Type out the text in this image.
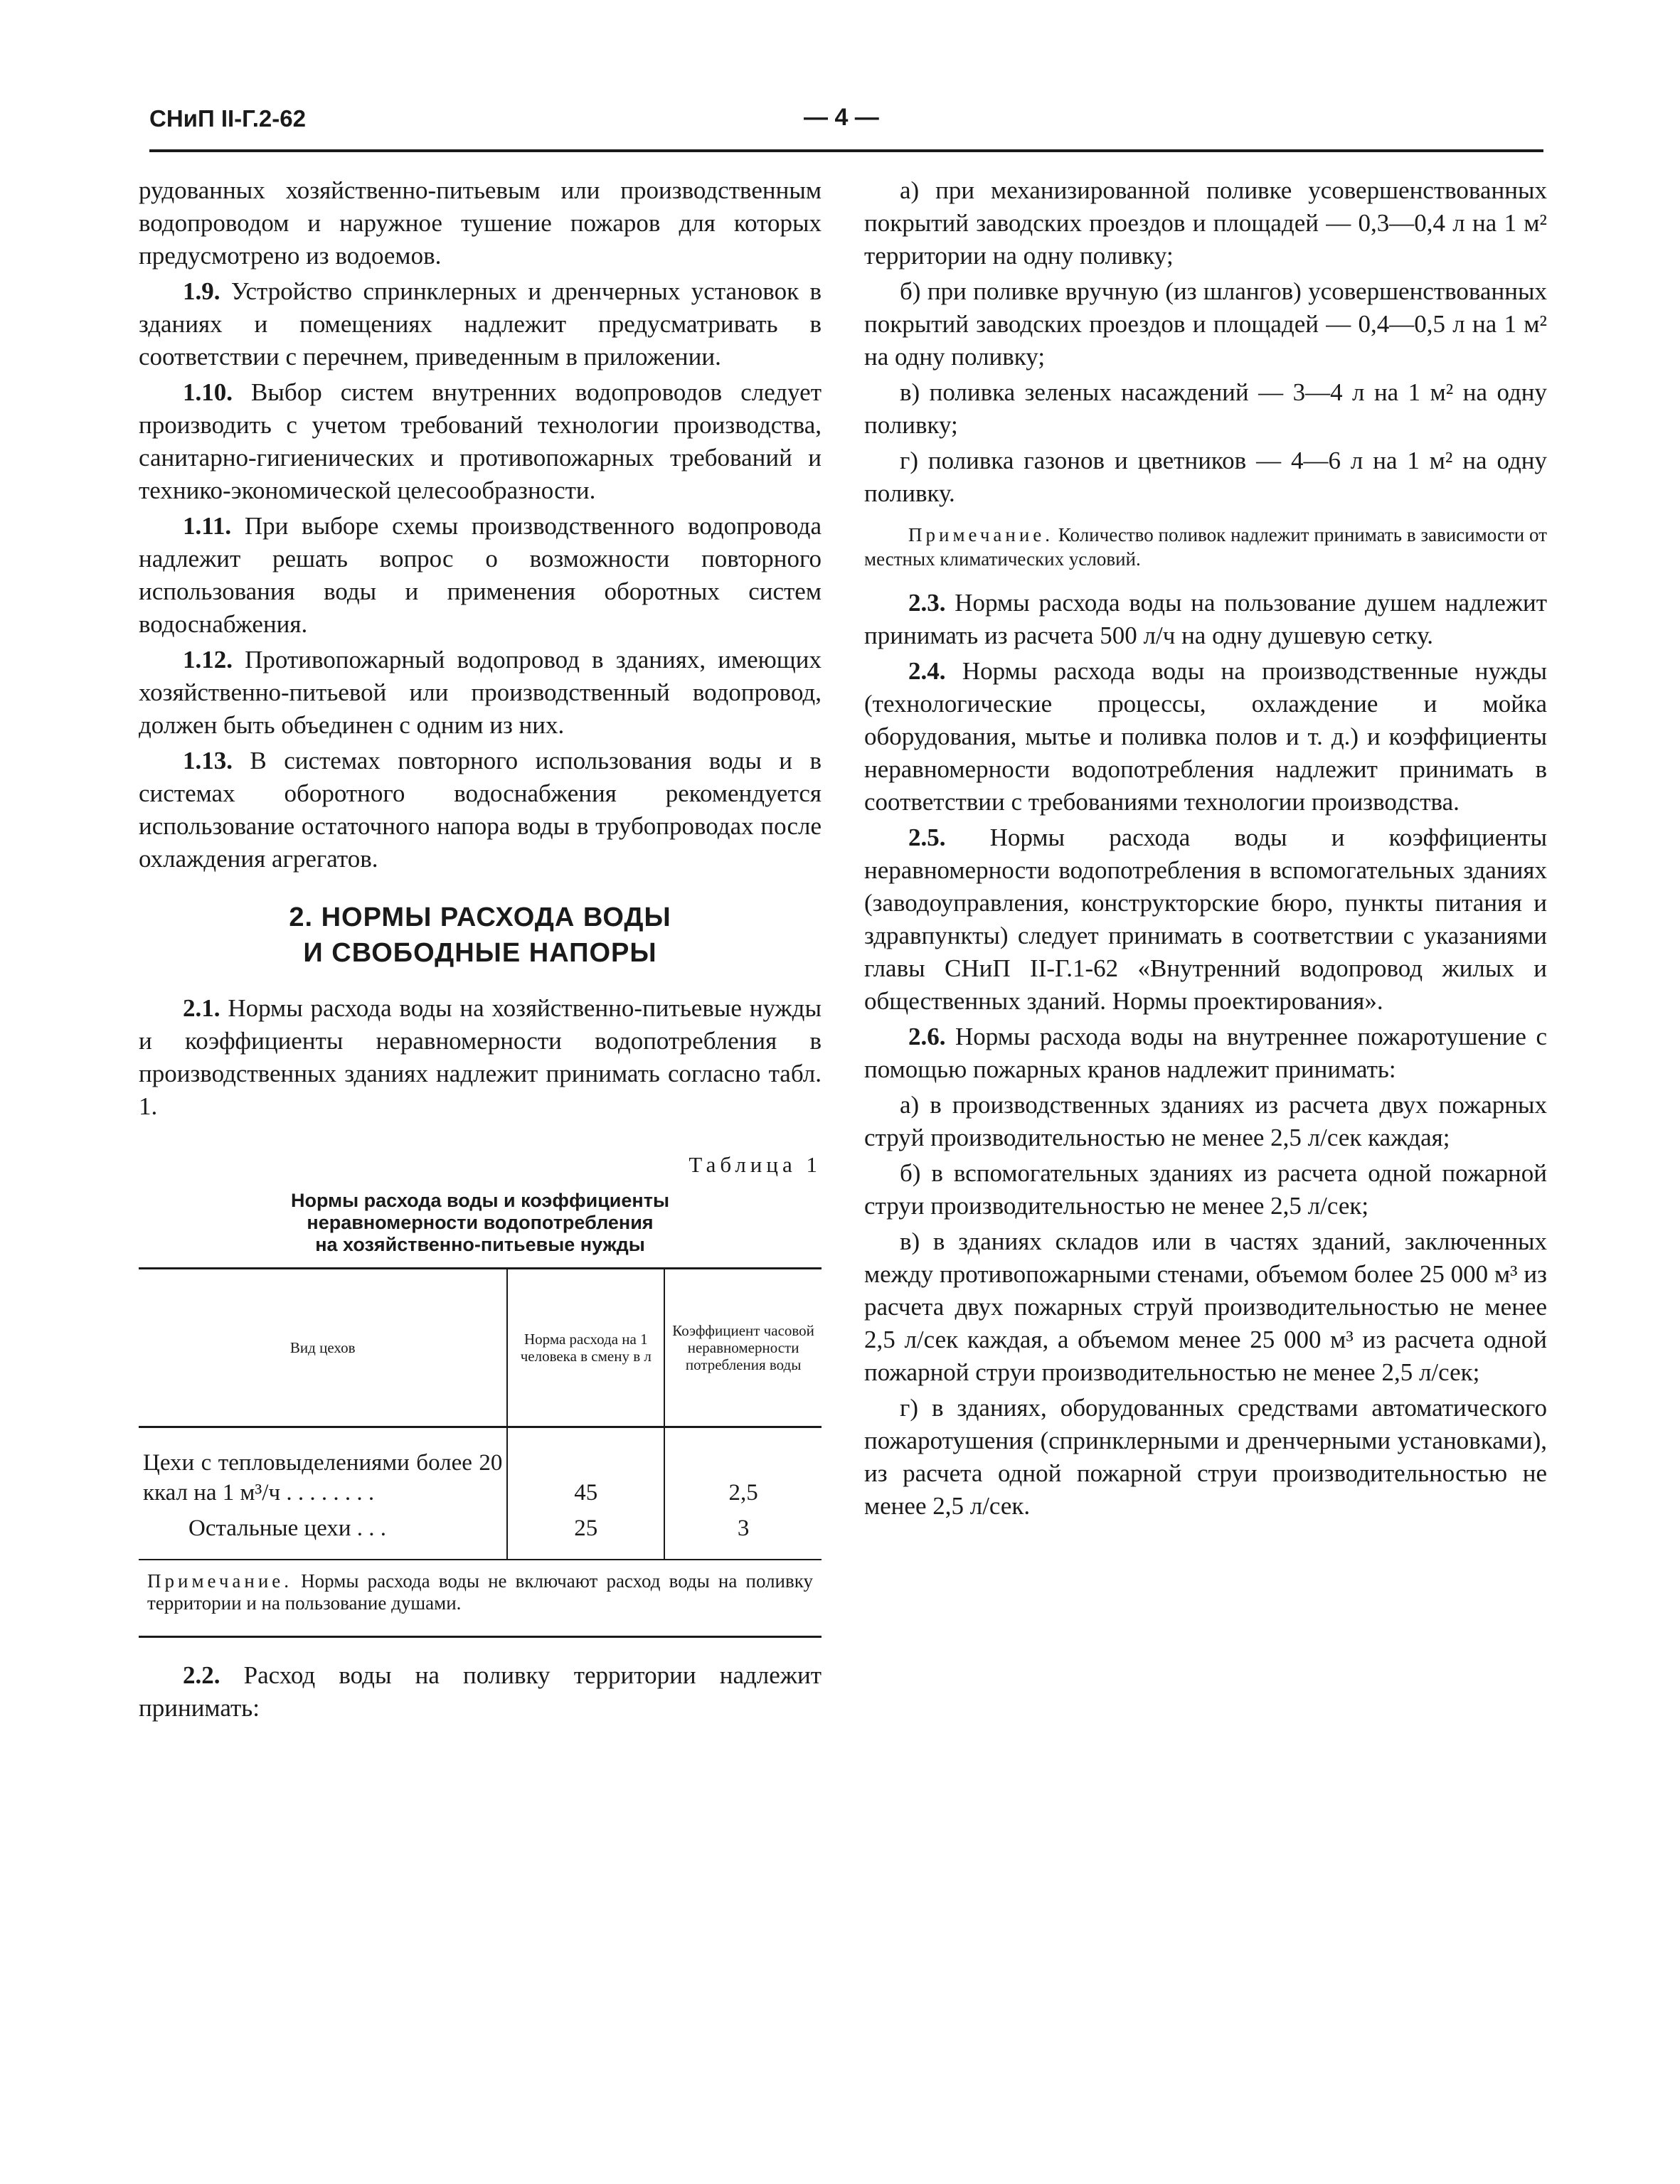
СНиП II-Г.2-62	— 4 —

рудованных хозяйственно-питьевым или производственным водопроводом и наружное тушение пожаров для которых предусмотрено из водоемов.

1.9. Устройство спринклерных и дренчерных установок в зданиях и помещениях надлежит предусматривать в соответствии с перечнем, приведенным в приложении.

1.10. Выбор систем внутренних водопроводов следует производить с учетом требований технологии производства, санитарно-гигиенических и противопожарных требований и технико-экономической целесообразности.

1.11. При выборе схемы производственного водопровода надлежит решать вопрос о возможности повторного использования воды и применения оборотных систем водоснабжения.

1.12. Противопожарный водопровод в зданиях, имеющих хозяйственно-питьевой или производственный водопровод, должен быть объединен с одним из них.

1.13. В системах повторного использования воды и в системах оборотного водоснабжения рекомендуется использование остаточного напора воды в трубопроводах после охлаждения агрегатов.

2. НОРМЫ РАСХОДА ВОДЫ
И СВОБОДНЫЕ НАПОРЫ

2.1. Нормы расхода воды на хозяйственно-питьевые нужды и коэффициенты неравномерности водопотребления в производственных зданиях надлежит принимать согласно табл. 1.

Таблица 1
Нормы расхода воды и коэффициенты
неравномерности водопотребления
на хозяйственно-питьевые нужды
Вид цехов	Норма расхода на 1 человека в смену в л	Коэффициент часовой неравномерности потребления воды
Цехи с тепловыделениями более 20 ккал на 1 м³/ч . . . . . . . .	45	2,5
Остальные цехи . . .	25	3
Примечание. Нормы расхода воды не включают расход воды на поливку территории и на пользование душами.		

2.2. Расход воды на поливку территории надлежит принимать:

а) при механизированной поливке усовершенствованных покрытий заводских проездов и площадей — 0,3—0,4 л на 1 м² территории на одну поливку;

б) при поливке вручную (из шлангов) усовершенствованных покрытий заводских проездов и площадей — 0,4—0,5 л на 1 м² на одну поливку;

в) поливка зеленых насаждений — 3—4 л на 1 м² на одну поливку;

г) поливка газонов и цветников — 4—6 л на 1 м² на одну поливку.

Примечание. Количество поливок надлежит принимать в зависимости от местных климатических условий.

2.3. Нормы расхода воды на пользование душем надлежит принимать из расчета 500 л/ч на одну душевую сетку.

2.4. Нормы расхода воды на производственные нужды (технологические процессы, охлаждение и мойка оборудования, мытье и поливка полов и т. д.) и коэффициенты неравномерности водопотребления надлежит принимать в соответствии с требованиями технологии производства.

2.5. Нормы расхода воды и коэффициенты неравномерности водопотребления в вспомогательных зданиях (заводоуправления, конструкторские бюро, пункты питания и здравпункты) следует принимать в соответствии с указаниями главы СНиП II-Г.1-62 «Внутренний водопровод жилых и общественных зданий. Нормы проектирования».

2.6. Нормы расхода воды на внутреннее пожаротушение с помощью пожарных кранов надлежит принимать:

а) в производственных зданиях из расчета двух пожарных струй производительностью не менее 2,5 л/сек каждая;

б) в вспомогательных зданиях из расчета одной пожарной струи производительностью не менее 2,5 л/сек;

в) в зданиях складов или в частях зданий, заключенных между противопожарными стенами, объемом более 25 000 м³ из расчета двух пожарных струй производительностью не менее 2,5 л/сек каждая, а объемом менее 25 000 м³ из расчета одной пожарной струи производительностью не менее 2,5 л/сек;

г) в зданиях, оборудованных средствами автоматического пожаротушения (спринклерными и дренчерными установками), из расчета одной пожарной струи производительностью не менее 2,5 л/сек.
